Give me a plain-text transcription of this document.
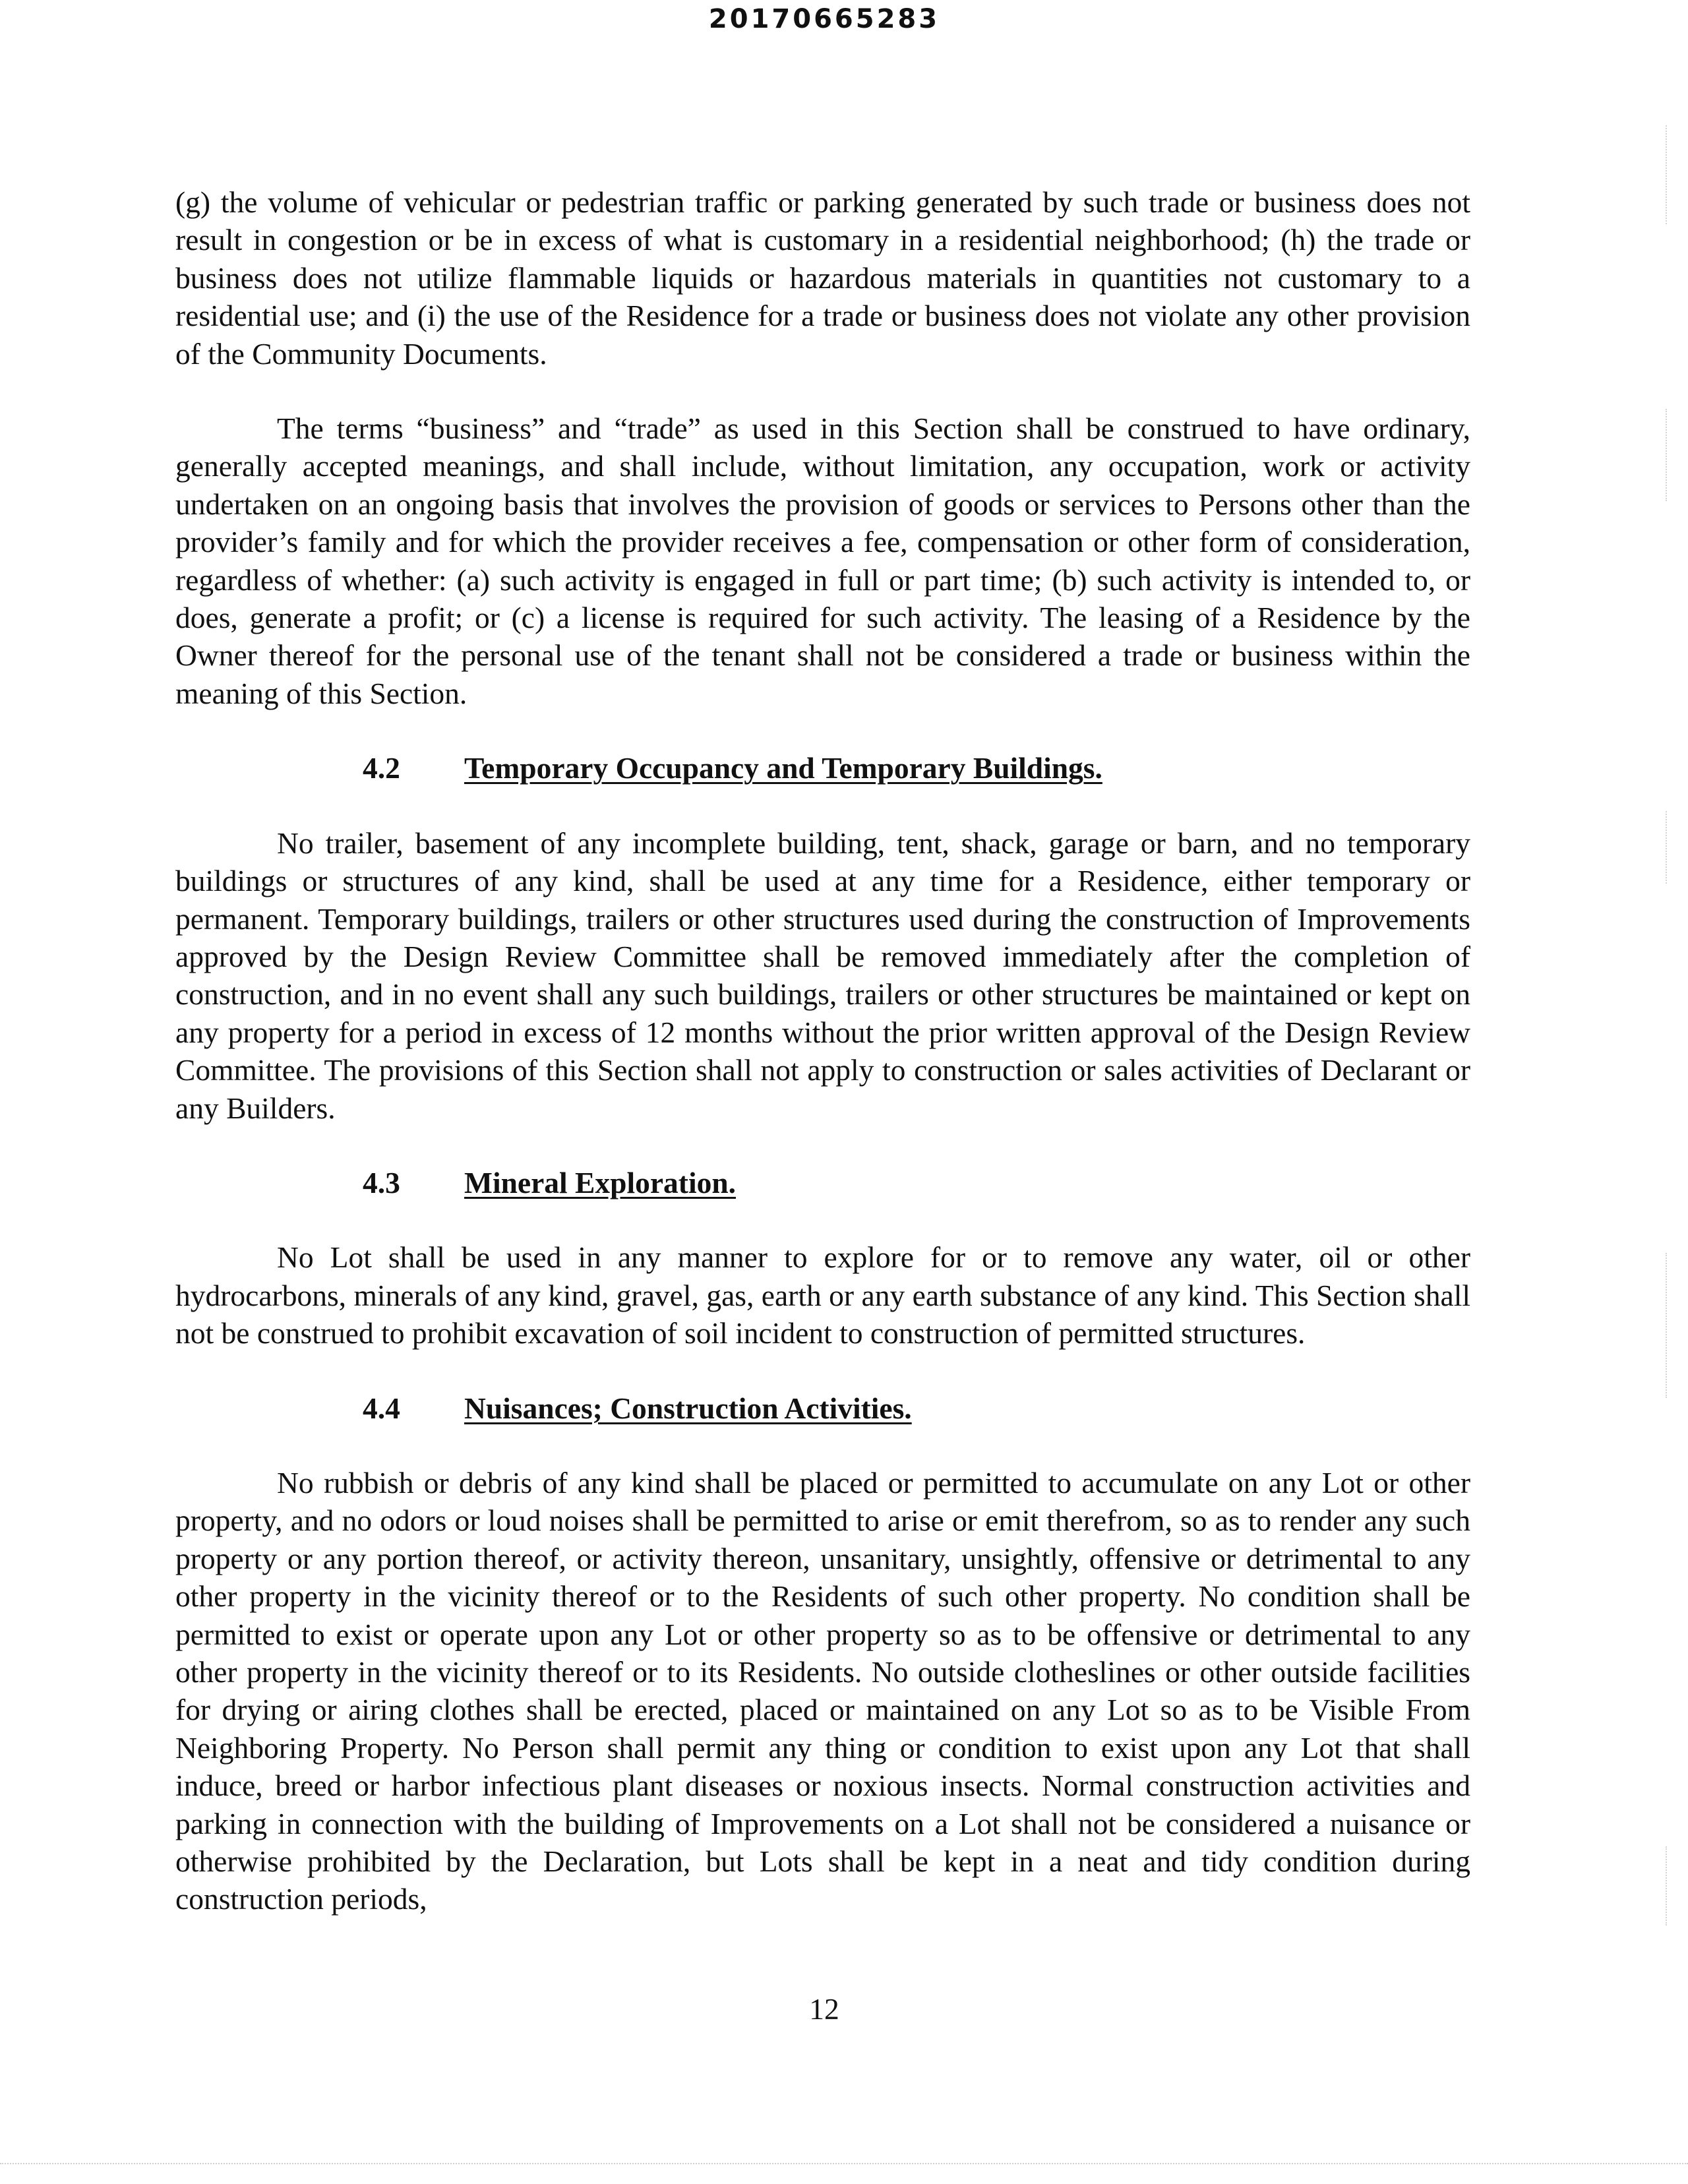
20170665283

(g) the volume of vehicular or pedestrian traffic or parking generated by such trade or business does not result in congestion or be in excess of what is customary in a residential neighborhood; (h) the trade or business does not utilize flammable liquids or hazardous materials in quantities not customary to a residential use; and (i) the use of the Residence for a trade or business does not violate any other provision of the Community Documents.

The terms “business” and “trade” as used in this Section shall be construed to have ordinary, generally accepted meanings, and shall include, without limitation, any occupation, work or activity undertaken on an ongoing basis that involves the provision of goods or services to Persons other than the provider’s family and for which the provider receives a fee, compensation or other form of consideration, regardless of whether: (a) such activity is engaged in full or part time; (b) such activity is intended to, or does, generate a profit; or (c) a license is required for such activity. The leasing of a Residence by the Owner thereof for the personal use of the tenant shall not be considered a trade or business within the meaning of this Section.

4.2	Temporary Occupancy and Temporary Buildings.

No trailer, basement of any incomplete building, tent, shack, garage or barn, and no temporary buildings or structures of any kind, shall be used at any time for a Residence, either temporary or permanent. Temporary buildings, trailers or other structures used during the construction of Improvements approved by the Design Review Committee shall be removed immediately after the completion of construction, and in no event shall any such buildings, trailers or other structures be maintained or kept on any property for a period in excess of 12 months without the prior written approval of the Design Review Committee. The provisions of this Section shall not apply to construction or sales activities of Declarant or any Builders.

4.3	Mineral Exploration.

No Lot shall be used in any manner to explore for or to remove any water, oil or other hydrocarbons, minerals of any kind, gravel, gas, earth or any earth substance of any kind. This Section shall not be construed to prohibit excavation of soil incident to construction of permitted structures.

4.4	Nuisances; Construction Activities.

No rubbish or debris of any kind shall be placed or permitted to accumulate on any Lot or other property, and no odors or loud noises shall be permitted to arise or emit therefrom, so as to render any such property or any portion thereof, or activity thereon, unsanitary, unsightly, offensive or detrimental to any other property in the vicinity thereof or to the Residents of such other property. No condition shall be permitted to exist or operate upon any Lot or other property so as to be offensive or detrimental to any other property in the vicinity thereof or to its Residents. No outside clotheslines or other outside facilities for drying or airing clothes shall be erected, placed or maintained on any Lot so as to be Visible From Neighboring Property. No Person shall permit any thing or condition to exist upon any Lot that shall induce, breed or harbor infectious plant diseases or noxious insects. Normal construction activities and parking in connection with the building of Improvements on a Lot shall not be considered a nuisance or otherwise prohibited by the Declaration, but Lots shall be kept in a neat and tidy condition during construction periods,

12
